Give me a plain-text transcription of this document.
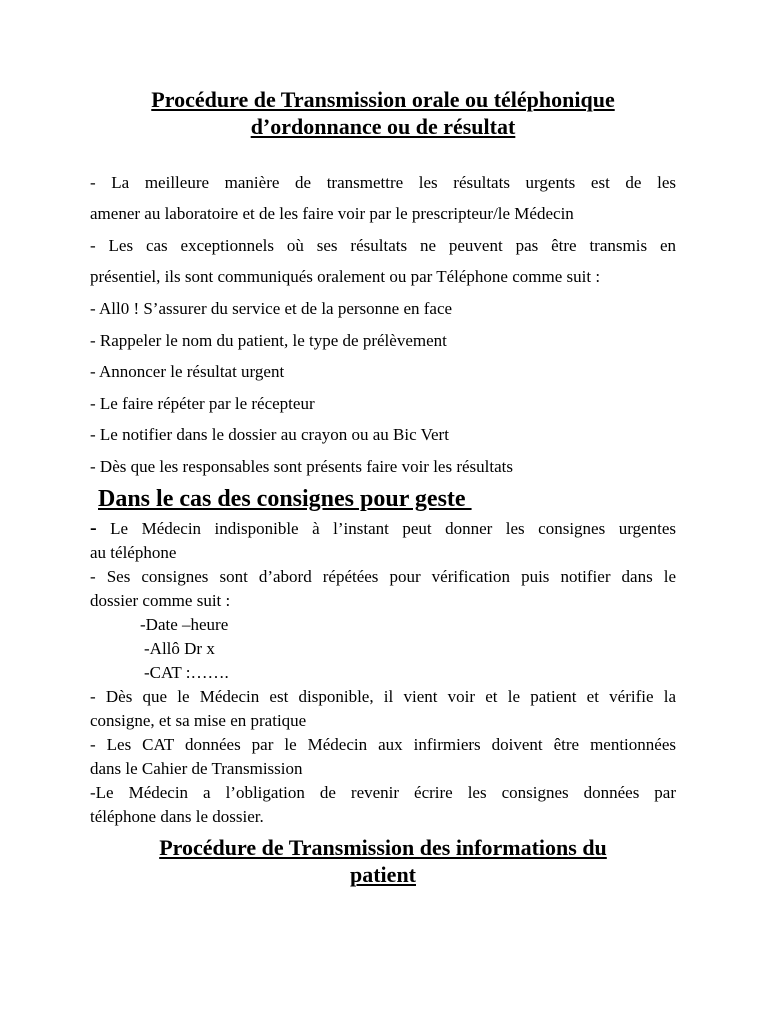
Procédure de Transmission orale ou téléphonique
d’ordonnance ou de résultat

- La meilleure manière de transmettre les résultats urgents est de les

amener au laboratoire et de les faire voir par le prescripteur/le Médecin

- Les cas exceptionnels où ses résultats ne peuvent pas être transmis en

présentiel, ils sont communiqués oralement ou par Téléphone comme suit :

- All0 ! S’assurer du service et de la personne en face

- Rappeler le nom du patient, le type de prélèvement

- Annoncer le résultat urgent

- Le faire répéter par le récepteur

- Le notifier dans le dossier au crayon ou au Bic Vert

- Dès que les responsables sont présents faire voir les résultats

Dans le cas des consignes pour geste

- Le Médecin indisponible à l’instant peut donner les consignes urgentes

au téléphone

- Ses consignes sont d’abord répétées pour vérification puis notifier dans le

dossier comme suit :

-Date –heure

-Allô Dr x

-CAT :…….

- Dès que le Médecin est disponible, il vient voir et le patient et vérifie la

consigne, et sa mise en pratique

- Les CAT données par le Médecin aux infirmiers doivent être mentionnées

dans le Cahier de Transmission

-Le Médecin a l’obligation de revenir écrire les consignes données par

téléphone dans le dossier.

Procédure de Transmission des informations du
patient
